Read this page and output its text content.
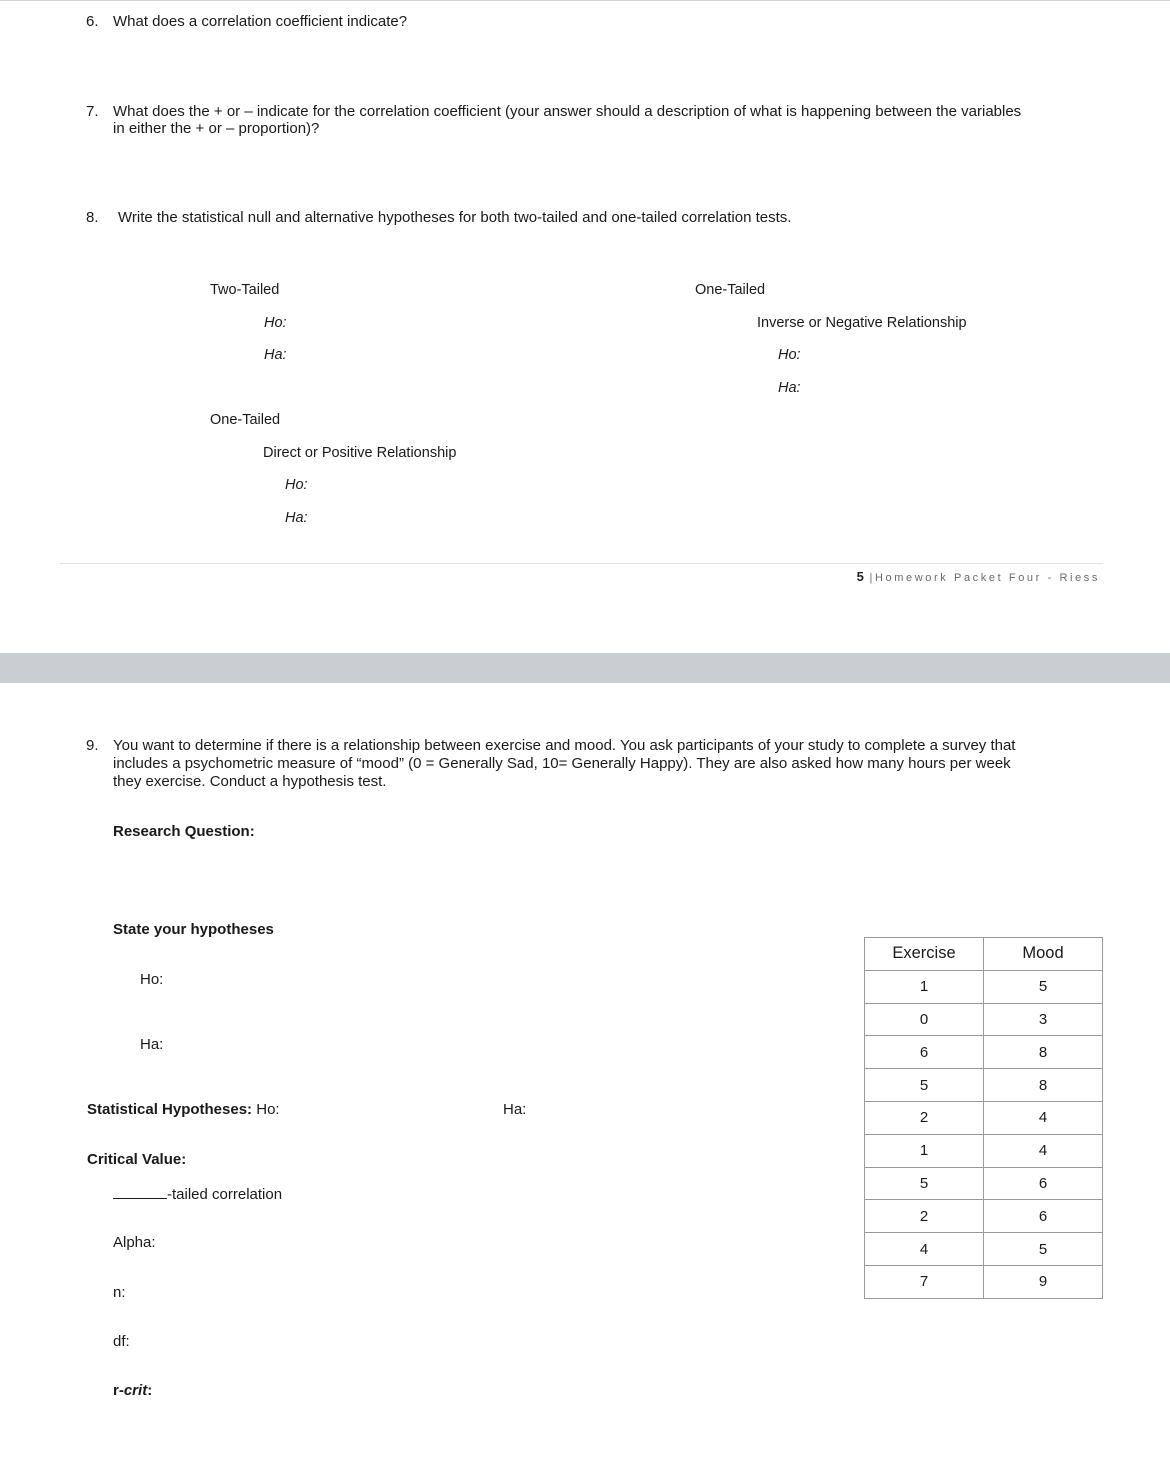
6. What does a correlation coefficient indicate?
7. What does the + or – indicate for the correlation coefficient (your answer should a description of what is happening between the variables
in either the + or – proportion)?
8. Write the statistical null and alternative hypotheses for both two-tailed and one-tailed correlation tests.
Two-Tailed
Ho:
Ha:
One-Tailed
Direct or Positive Relationship
Ho:
Ha:
One-Tailed
Inverse or Negative Relationship
Ho:
Ha:
5 |Homework Packet Four - Riess
9. You want to determine if there is a relationship between exercise and mood. You ask participants of your study to complete a survey that
includes a psychometric measure of “mood” (0 = Generally Sad, 10= Generally Happy). They are also asked how many hours per week
they exercise. Conduct a hypothesis test.
Research Question:
State your hypotheses
Ho:
Ha:
Statistical Hypotheses: Ho:	Ha:
Critical Value:
-tailed correlation
Alpha:
n:
df:
r-crit:
Exercise	Mood
1	5
0	3
6	8
5	8
2	4
1	4
5	6
2	6
4	5
7	9
